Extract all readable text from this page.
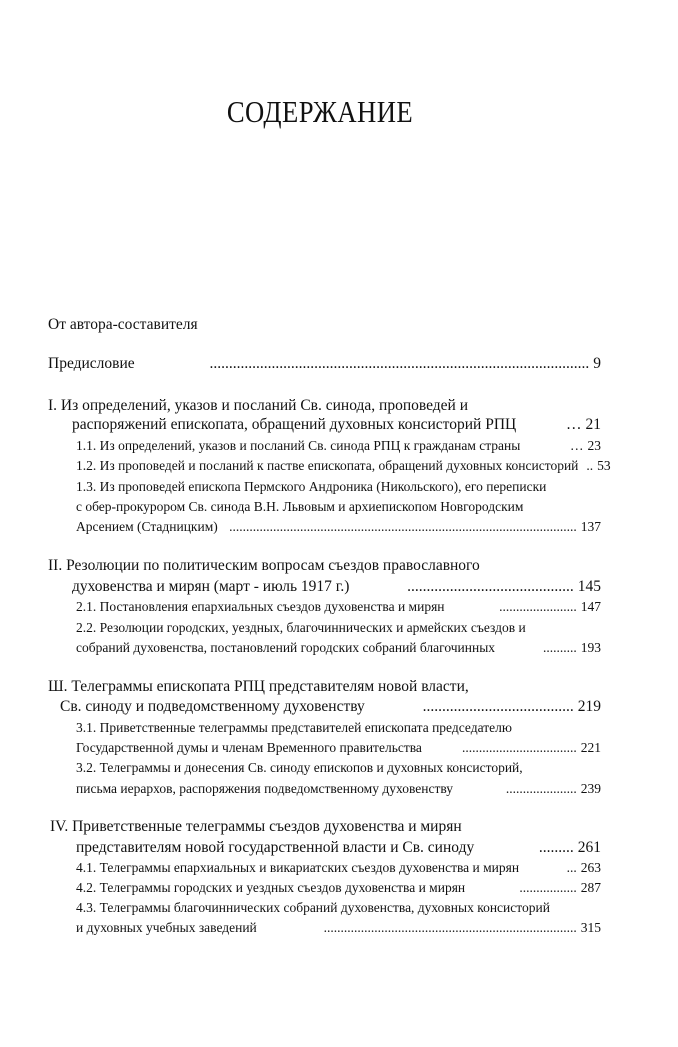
СОДЕРЖАНИЕ
От автора-составителя
Предисловие	.................................................................................................. 9
I. Из определений, указов и посланий Св. синода, проповедей и
распоряжений епископата, обращений духовных консисторий РПЦ	… 21
1.1. Из определений, указов и посланий Св. синода РПЦ к гражданам страны	… 23
1.2. Из проповедей и посланий к пастве епископата, обращений духовных консисторий .. 53
1.3. Из проповедей епископа Пермского Андроника (Никольского), его переписки
с обер-прокурором Св. синода В.Н. Львовым и архиепископом Новгородским
Арсением (Стадницким) ....................................................................................................... 137
II. Резолюции по политическим вопросам съездов православного
духовенства и мирян (март - июль 1917 г.)	........................................... 145
2.1. Постановления епархиальных съездов духовенства и мирян	....................... 147
2.2. Резолюции городских, уездных, благочиннических и армейских съездов и
собраний духовенства, постановлений городских собраний благочинных	.......... 193
Ш. Телеграммы епископата РПЦ представителям новой власти,
Св. синоду и подведомственному духовенству	....................................... 219
3.1. Приветственные телеграммы представителей епископата председателю
Государственной думы и членам Временного правительства	.................................. 221
3.2. Телеграммы и донесения Св. синоду епископов и духовных консисторий,
письма иерархов, распоряжения подведомственному духовенству	..................... 239
IV. Приветственные телеграммы съездов духовенства и мирян
представителям новой государственной власти и Св. синоду	......... 261
4.1. Телеграммы епархиальных и викариатских съездов духовенства и мирян	... 263
4.2. Телеграммы городских и уездных съездов духовенства и мирян	................. 287
4.3. Телеграммы благочиннических собраний духовенства, духовных консисторий
и духовных учебных заведений	........................................................................... 315
